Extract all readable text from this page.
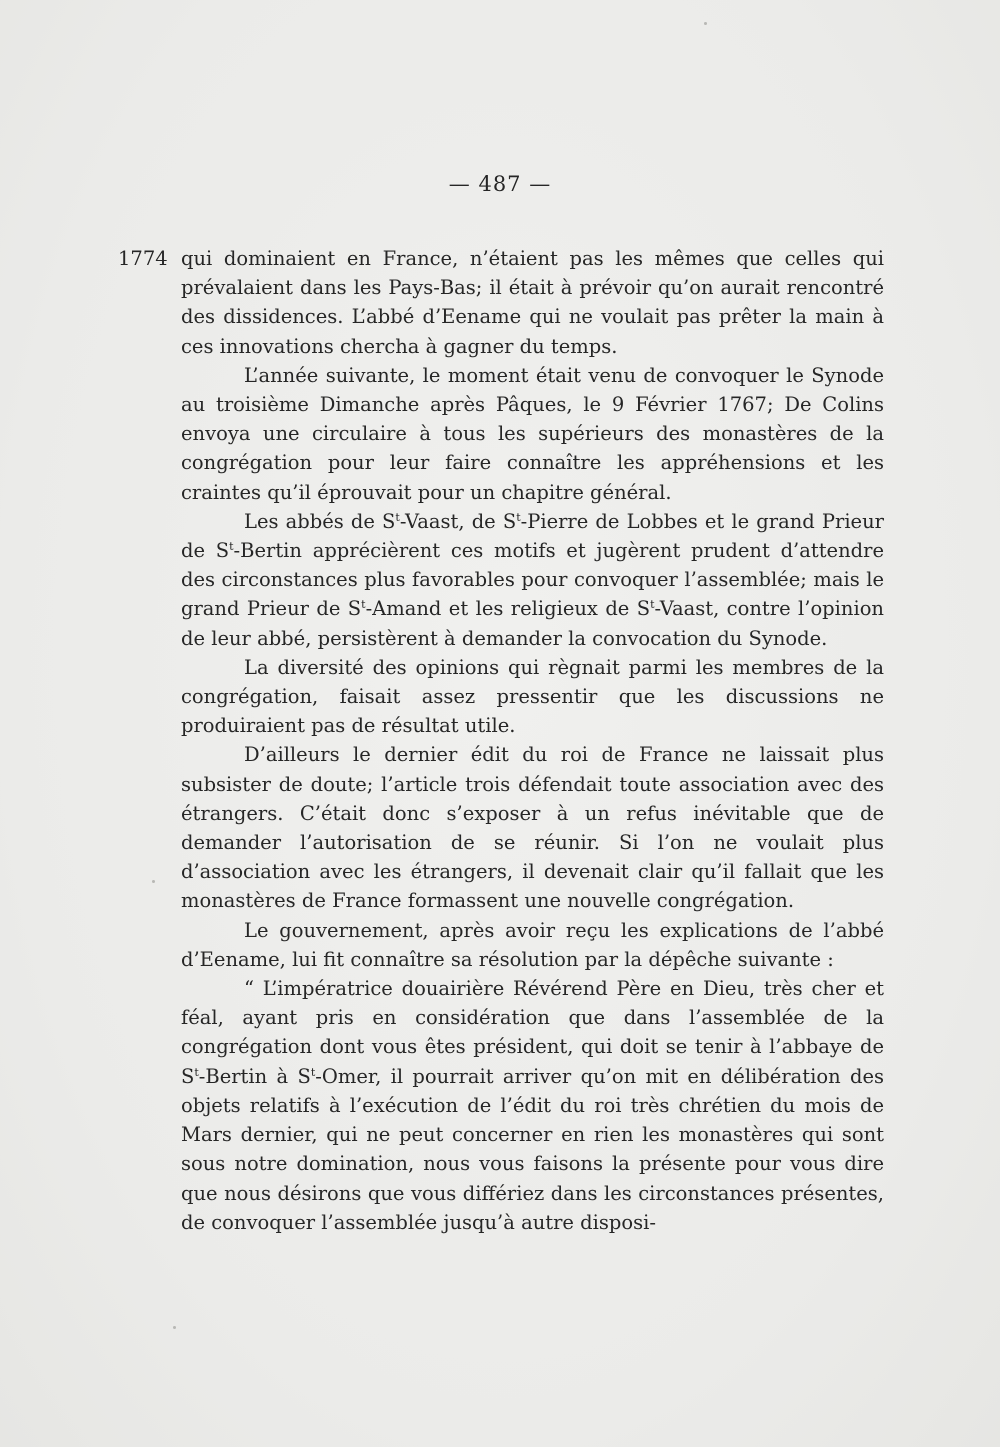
— 487 —
1774 qui dominaient en France, n’étaient pas les mêmes que celles qui prévalaient dans les Pays-Bas; il était à prévoir qu’on aurait rencontré des dissidences. L’abbé d’Eename qui ne voulait pas prêter la main à ces innovations chercha à gagner du temps.

L’année suivante, le moment était venu de convoquer le Synode au troisième Dimanche après Pâques, le 9 Février 1767; De Colins envoya une circulaire à tous les supérieurs des monastères de la congrégation pour leur faire connaître les appréhensions et les craintes qu’il éprouvait pour un chapitre général.

Les abbés de $S^t$-Vaast, de $S^t$-Pierre de Lobbes et le grand Prieur de $S^t$-Bertin apprécièrent ces motifs et jugèrent prudent d’attendre des circonstances plus favorables pour convoquer l’assemblée; mais le grand Prieur de $S^t$-Amand et les religieux de $S^t$-Vaast, contre l’opinion de leur abbé, persistèrent à demander la convocation du Synode.

La diversité des opinions qui règnait parmi les membres de la congrégation, faisait assez pressentir que les discussions ne produiraient pas de résultat utile.

D’ailleurs le dernier édit du roi de France ne laissait plus subsister de doute; l’article trois défendait toute association avec des étrangers. C’était donc s’exposer à un refus inévitable que de demander l’autorisation de se réunir. Si l’on ne voulait plus d’association avec les étrangers, il devenait clair qu’il fallait que les monastères de France formassent une nouvelle congrégation.

Le gouvernement, après avoir reçu les explications de l’abbé d’Eename, lui fit connaître sa résolution par la dépêche suivante :

“ L’impératrice douairière Révérend Père en Dieu, très cher et féal, ayant pris en considération que dans l’assemblée de la congrégation dont vous êtes président, qui doit se tenir à l’abbaye de $S^t$-Bertin à $S^t$-Omer, il pourrait arriver qu’on mit en délibération des objets relatifs à l’exécution de l’édit du roi très chrétien du mois de Mars dernier, qui ne peut concerner en rien les monastères qui sont sous notre domination, nous vous faisons la présente pour vous dire que nous désirons que vous différiez dans les circonstances présentes, de convoquer l’assemblée jusqu’à autre disposi-
